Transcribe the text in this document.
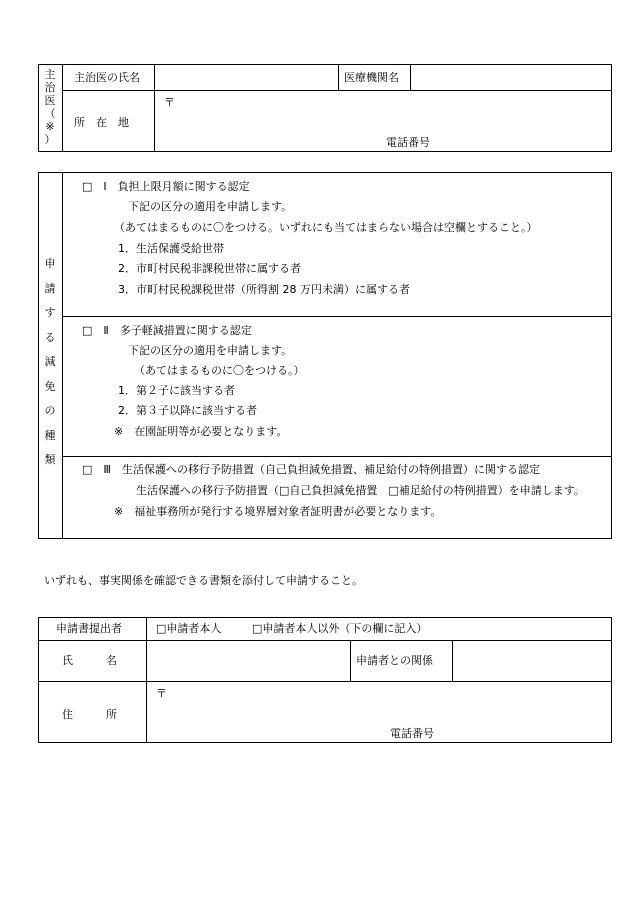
主
治
医
（
※
）
主治医の氏名	医療機関名
所　在　地
〒
電話番号
申
請
す
る
減
免
の
種
類
□　Ⅰ　負担上限月額に関する認定
下記の区分の適用を申請します。
（あてはまるものに〇をつける。いずれにも当てはまらない場合は空欄とすること。）
1．生活保護受給世帯
2．市町村民税非課税世帯に属する者
3．市町村民税課税世帯（所得割 28 万円未満）に属する者
□　Ⅱ　多子軽減措置に関する認定
下記の区分の適用を申請します。
（あてはまるものに〇をつける。）
1．第２子に該当する者
2．第３子以降に該当する者
※　在園証明等が必要となります。
□　Ⅲ　生活保護への移行予防措置（自己負担減免措置、補足給付の特例措置）に関する認定
生活保護への移行予防措置（□自己負担減免措置　□補足給付の特例措置）を申請します。
※　福祉事務所が発行する境界層対象者証明書が必要となります。
いずれも、事実関係を確認できる書類を添付して申請すること。
申請書提出者	□申請者本人	□申請者本人以外（下の欄に記入）
氏　　　名	申請者との関係
住　　　所
〒
電話番号
